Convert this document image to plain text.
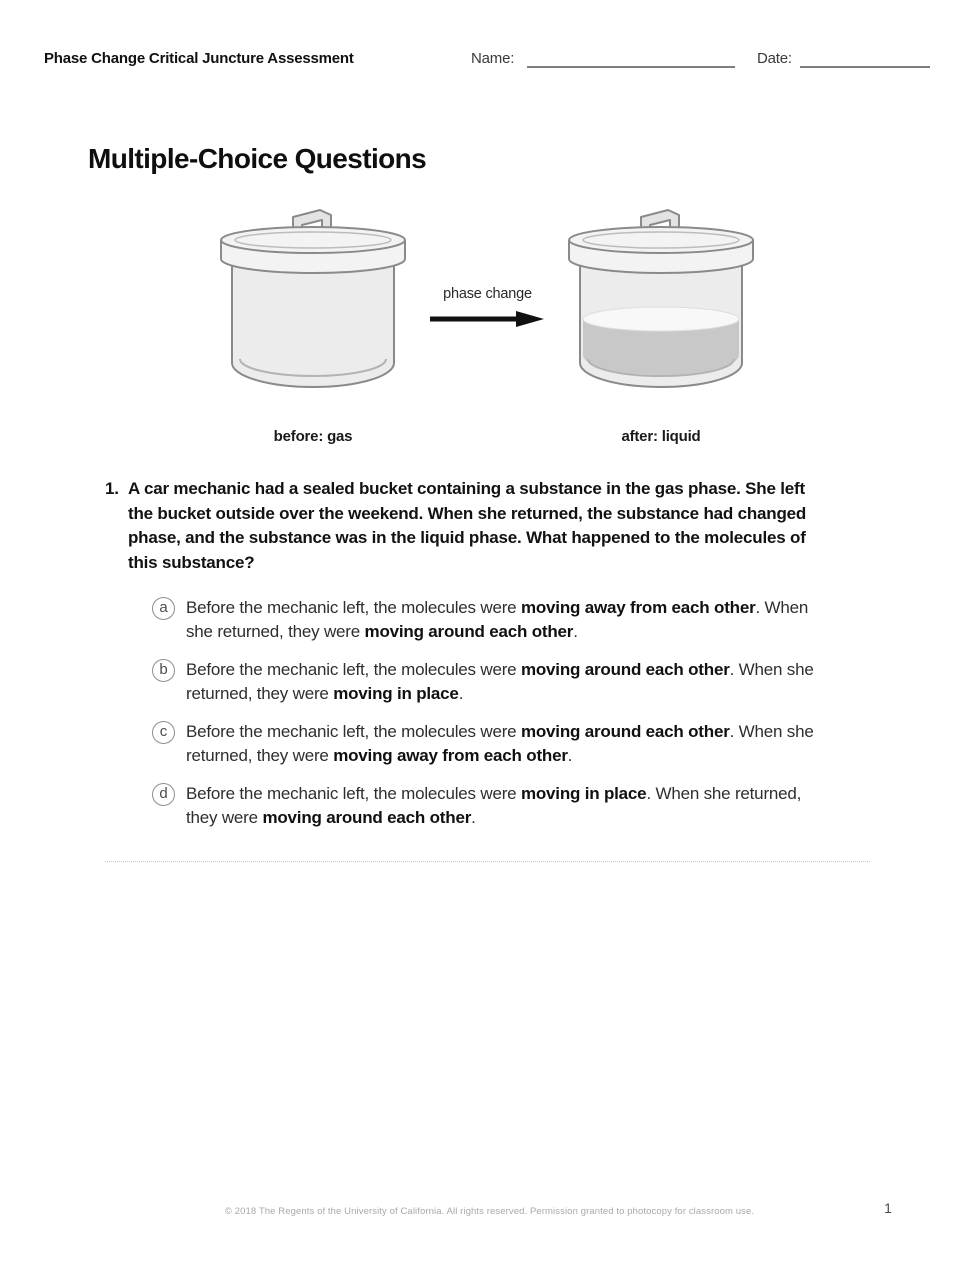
Phase Change Critical Juncture Assessment	Name:	Date:
Multiple-Choice Questions
phase change
before: gas	after: liquid
1. A car mechanic had a sealed bucket containing a substance in the gas phase. She left the bucket outside over the weekend. When she returned, the substance had changed phase, and the substance was in the liquid phase. What happened to the molecules of this substance?
a	Before the mechanic left, the molecules were moving away from each other. When she returned, they were moving around each other.
b	Before the mechanic left, the molecules were moving around each other. When she returned, they were moving in place.
c	Before the mechanic left, the molecules were moving around each other. When she returned, they were moving away from each other.
d	Before the mechanic left, the molecules were moving in place. When she returned, they were moving around each other.
© 2018 The Regents of the University of California. All rights reserved. Permission granted to photocopy for classroom use.	1
